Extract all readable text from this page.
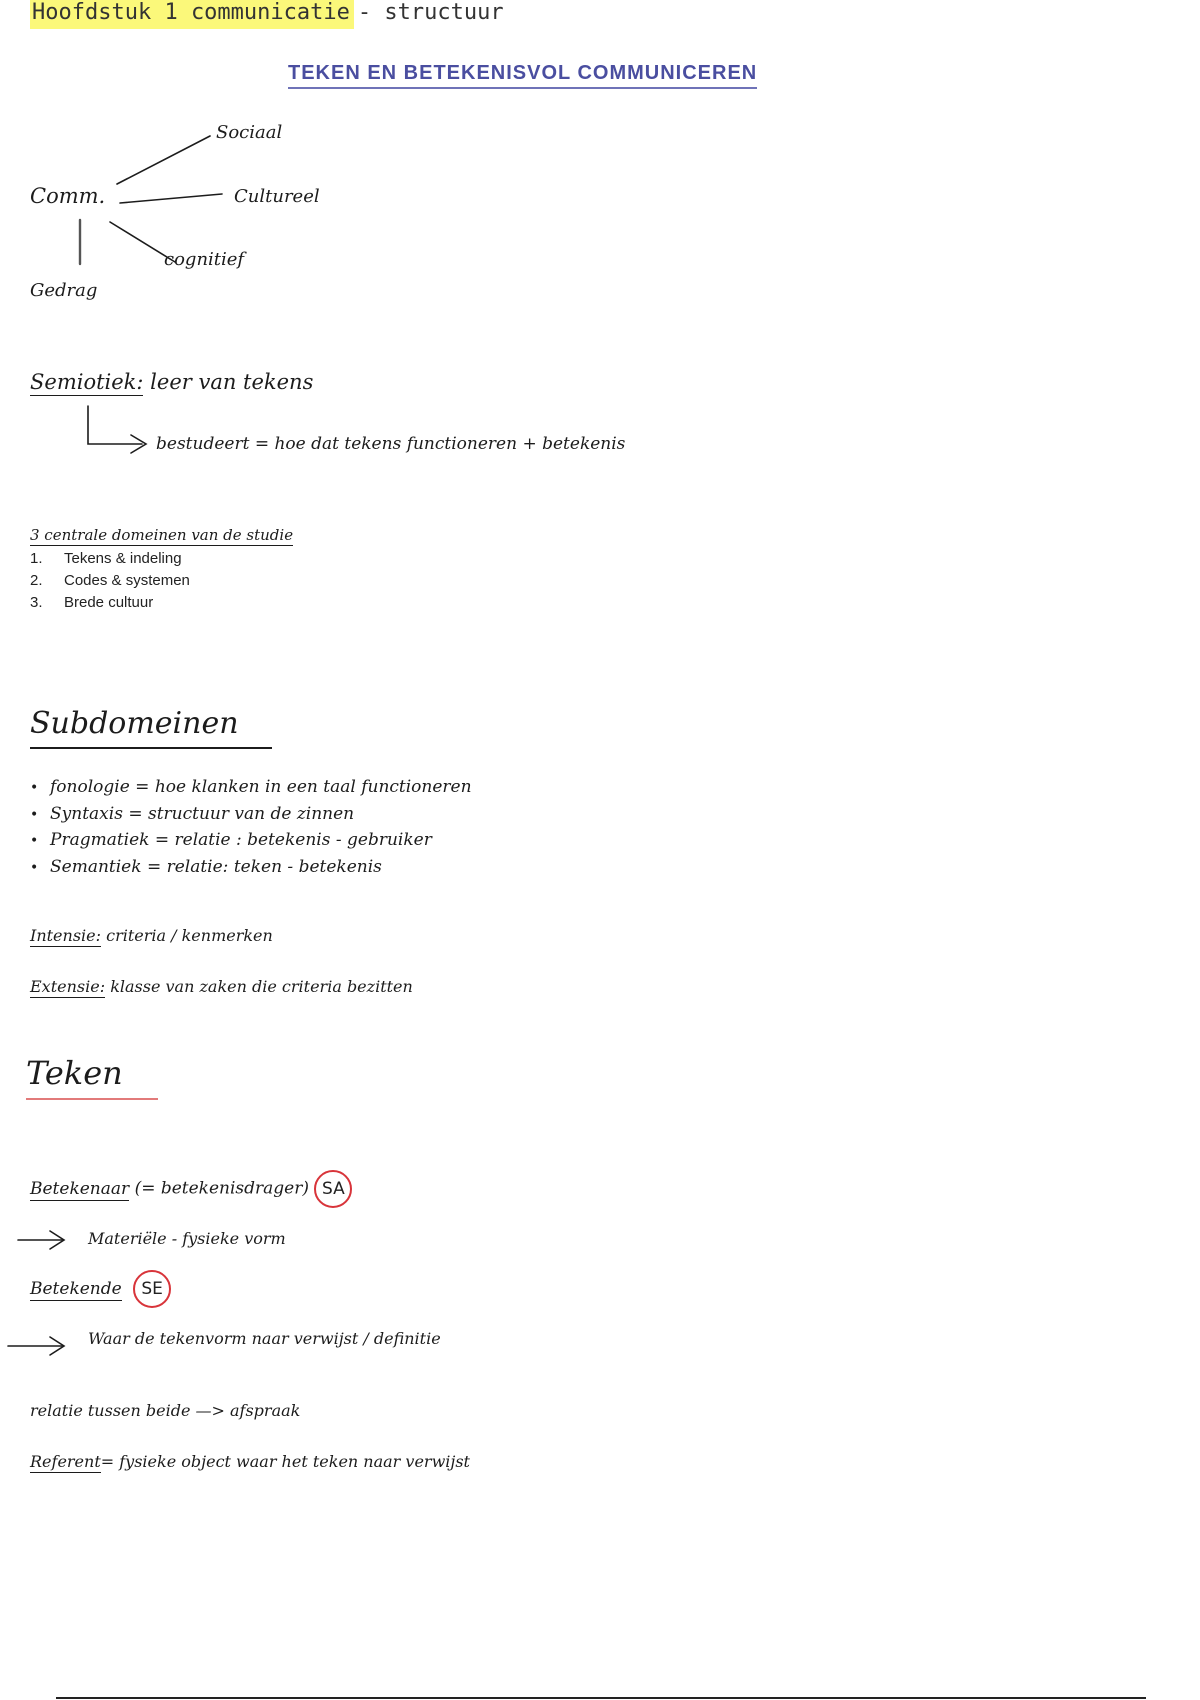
Hoofdstuk 1 communicatie - structuur
TEKEN EN BETEKENISVOL COMMUNICEREN
Comm.
Sociaal
Cultureel
cognitief
Gedrag
Semiotiek: leer van tekens
bestudeert = hoe dat tekens functioneren + betekenis
3 centrale domeinen van de studie
1. Tekens & indeling
2. Codes & systemen
3. Brede cultuur
Subdomeinen
• fonologie = hoe klanken in een taal functioneren
• Syntaxis = structuur van de zinnen
• Pragmatiek = relatie : betekenis - gebruiker
• Semantiek = relatie: teken - betekenis
Intensie: criteria / kenmerken
Extensie: klasse van zaken die criteria bezitten
Teken
Betekenaar (= betekenisdrager) SA
Materiële - fysieke vorm
Betekende SE
Waar de tekenvorm naar verwijst / definitie
relatie tussen beide —> afspraak
Referent= fysieke object waar het teken naar verwijst
